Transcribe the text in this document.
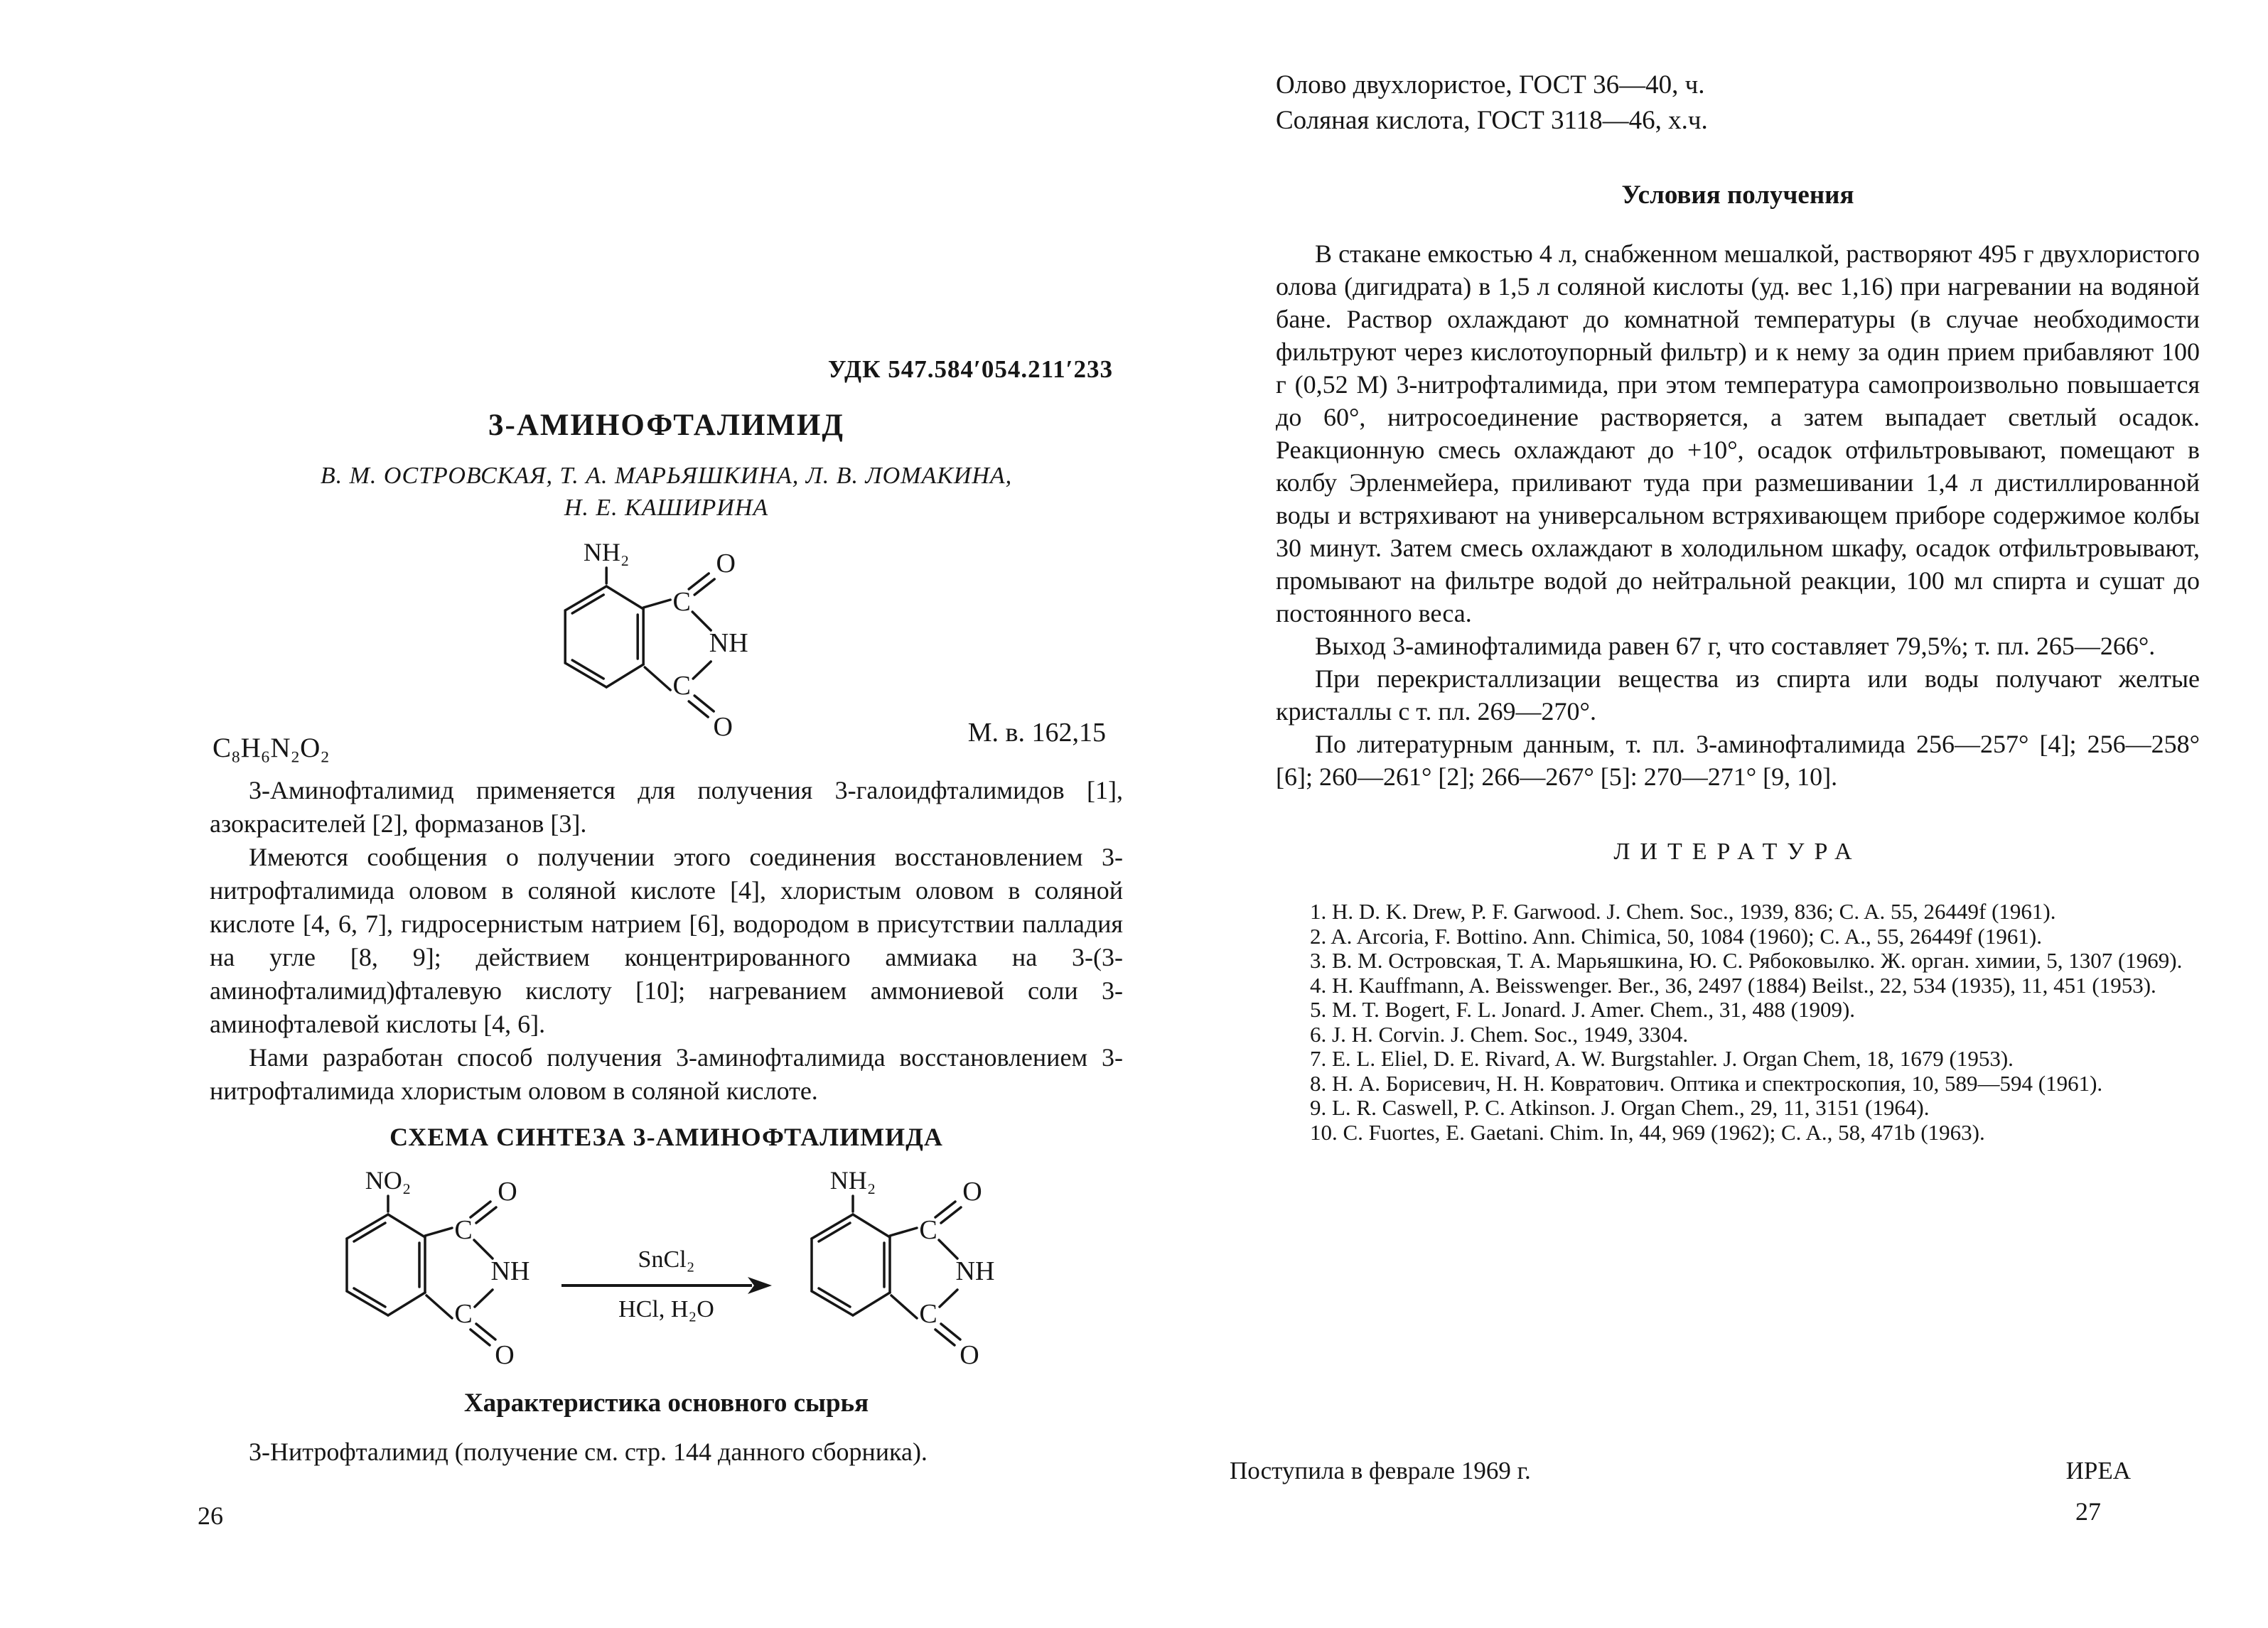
УДК 547.584′054.211′233
3-АМИНОФТАЛИМИД
В. М. ОСТРОВСКАЯ, Т. А. МАРЬЯШКИНА, Л. В. ЛОМАКИНА,
Н. Е. КАШИРИНА
NH₂
C
NH
C
O
O
C₈H₆N₂O₂	М. в. 162,15

3-Аминофталимид применяется для получения 3-галоидфталимидов [1], азокрасителей [2], формазанов [3].

Имеются сообщения о получении этого соединения восстановлением 3-нитрофталимида оловом в соляной кислоте [4], хлористым оловом в соляной кислоте [4, 6, 7], гидросернистым натрием [6], водородом в присутствии палладия на угле [8, 9]; действием концентрированного аммиака на 3-(3-аминофталимид)фталевую кислоту [10]; нагреванием аммониевой соли 3-аминофталевой кислоты [4, 6].

Нами разработан способ получения 3-аминофталимида восстановлением 3-нитрофталимида хлористым оловом в соляной кислоте.

СХЕМА СИНТЕЗА 3-АМИНОФТАЛИМИДА
NO₂
C
NH
C
O
O
SnCl₂
HCl, H₂O
NH₂
C
NH
C
O
O
Характеристика основного сырья

3-Нитрофталимид (получение см. стр. 144 данного сборника).

26
Олово двухлористое, ГОСТ 36—40, ч.
Соляная кислота, ГОСТ 3118—46, х.ч.
Условия получения

В стакане емкостью 4 л, снабженном мешалкой, растворяют 495 г двухлористого олова (дигидрата) в 1,5 л соляной кислоты (уд. вес 1,16) при нагревании на водяной бане. Раствор охлаждают до комнатной температуры (в случае необходимости фильтруют через кислотоупорный фильтр) и к нему за один прием прибавляют 100 г (0,52 М) 3-нитрофталимида, при этом температура самопроизвольно повышается до 60°, нитросоединение растворяется, а затем выпадает светлый осадок. Реакционную смесь охлаждают до +10°, осадок отфильтровывают, помещают в колбу Эрленмейера, приливают туда при размешивании 1,4 л дистиллированной воды и встряхивают на универсальном встряхивающем приборе содержимое колбы 30 минут. Затем смесь охлаждают в холодильном шкафу, осадок отфильтровывают, промывают на фильтре водой до нейтральной реакции, 100 мл спирта и сушат до постоянного веса.

Выход 3-аминофталимида равен 67 г, что составляет 79,5%; т. пл. 265—266°.

При перекристаллизации вещества из спирта или воды получают желтые кристаллы с т. пл. 269—270°.

По литературным данным, т. пл. 3-аминофталимида 256—257° [4]; 256—258° [6]; 260—261° [2]; 266—267° [5]: 270—271° [9, 10].

ЛИТЕРАТУРА

1. H. D. K. Drew, P. F. Garwood. J. Chem. Soc., 1939, 836; C. A. 55, 26449f (1961).

2. A. Arcoria, F. Bottino. Ann. Chimica, 50, 1084 (1960); C. A., 55, 26449f (1961).

3. В. М. Островская, Т. А. Марьяшкина, Ю. С. Рябоковылко. Ж. орган. химии, 5, 1307 (1969).

4. H. Kauffmann, A. Beisswenger. Ber., 36, 2497 (1884) Beilst., 22, 534 (1935), 11, 451 (1953).

5. M. T. Bogert, F. L. Jonard. J. Amer. Chem., 31, 488 (1909).

6. J. H. Corvin. J. Chem. Soc., 1949, 3304.

7. E. L. Eliel, D. E. Rivard, A. W. Burgstahler. J. Organ Chem, 18, 1679 (1953).

8. Н. А. Борисевич, Н. Н. Ковратович. Оптика и спектроскопия, 10, 589—594 (1961).

9. L. R. Caswell, P. C. Atkinson. J. Organ Chem., 29, 11, 3151 (1964).

10. C. Fuortes, E. Gaetani. Chim. In, 44, 969 (1962); C. A., 58, 471b (1963).

Поступила в феврале 1969 г.	ИРЕА
27
